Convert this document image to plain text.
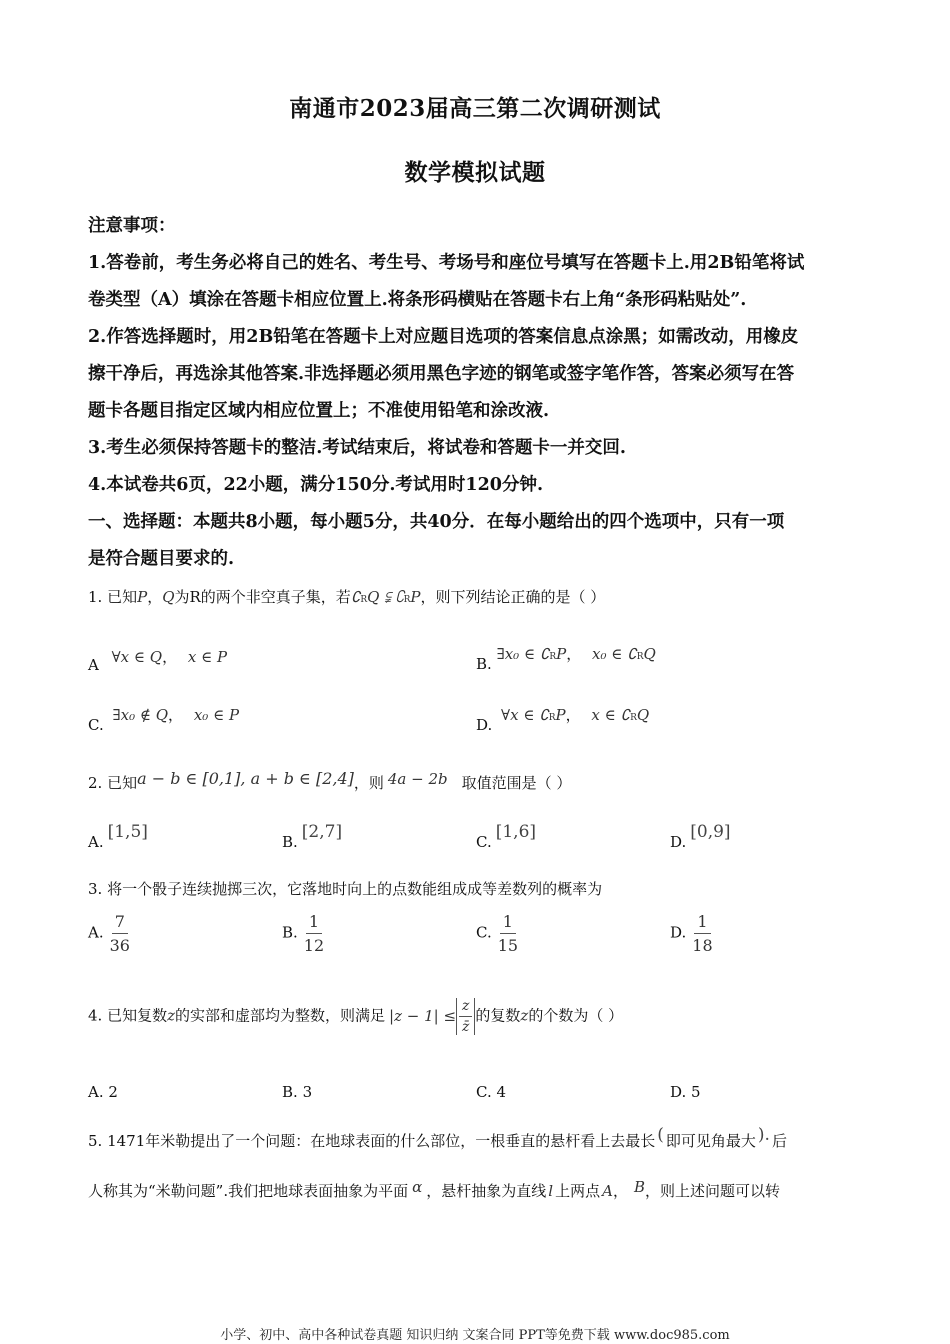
南通市2023届高三第二次调研测试
数学模拟试题

注意事项：

1.答卷前，考生务必将自己的姓名、考生号、考场号和座位号填写在答题卡上.用2B铅笔将试

卷类型（A）填涂在答题卡相应位置上.将条形码横贴在答题卡右上角“条形码粘贴处”.

2.作答选择题时，用2B铅笔在答题卡上对应题目选项的答案信息点涂黑；如需改动，用橡皮

擦干净后，再选涂其他答案.非选择题必须用黑色字迹的钢笔或签字笔作答，答案必须写在答

题卡各题目指定区域内相应位置上；不准使用铅笔和涂改液.

3.考生必须保持答题卡的整洁.考试结束后，将试卷和答题卡一并交回.

4.本试卷共6页，22小题，满分150分.考试用时120分钟.

一、选择题：本题共8小题，每小题5分，共40分．在每小题给出的四个选项中，只有一项

是符合题目要求的.

1. 已知P，Q为R的两个非空真子集，若∁RQ ⫋ ∁RP，则下列结论正确的是（ ）
A ∀x ∈ Q， x ∈ P	B. ∃x₀ ∈ ∁RP， x₀ ∈ ∁RQ
C. ∃x₀ ∉ Q， x₀ ∈ P
D. ∀x ∈ ∁RP， x ∈ ∁RQ
2. 已知a − b ∈ [0,1], a + b ∈ [2,4]，则 4a − 2b 取值范围是（ ）
A. [1,5]	B. [2,7]	C. [1,6]	D. [0,9]
3. 将一个骰子连续抛掷三次，它落地时向上的点数能组成成等差数列的概率为
A. $\frac{7}{36}$	B. $\frac{1}{12}$	C. $\frac{1}{15}$	D. $\frac{1}{18}$
4. 已知复数z的实部和虚部均为整数，则满足 $|z - 1| \le \frac{z}{z̄}$ 的复数z的个数为（ ）
A. 2	B. 3	C. 4	D. 5
5. 1471年米勒提出了一个问题：在地球表面的什么部位，一根垂直的悬杆看上去最长 ( 即可见角最大 ). 后
人称其为“米勒问题”.我们把地球表面抽象为平面 α ，悬杆抽象为直线 l 上两点 A， B，则上述问题可以转
小学、初中、高中各种试卷真题 知识归纳 文案合同 PPT等免费下载 www.doc985.com
